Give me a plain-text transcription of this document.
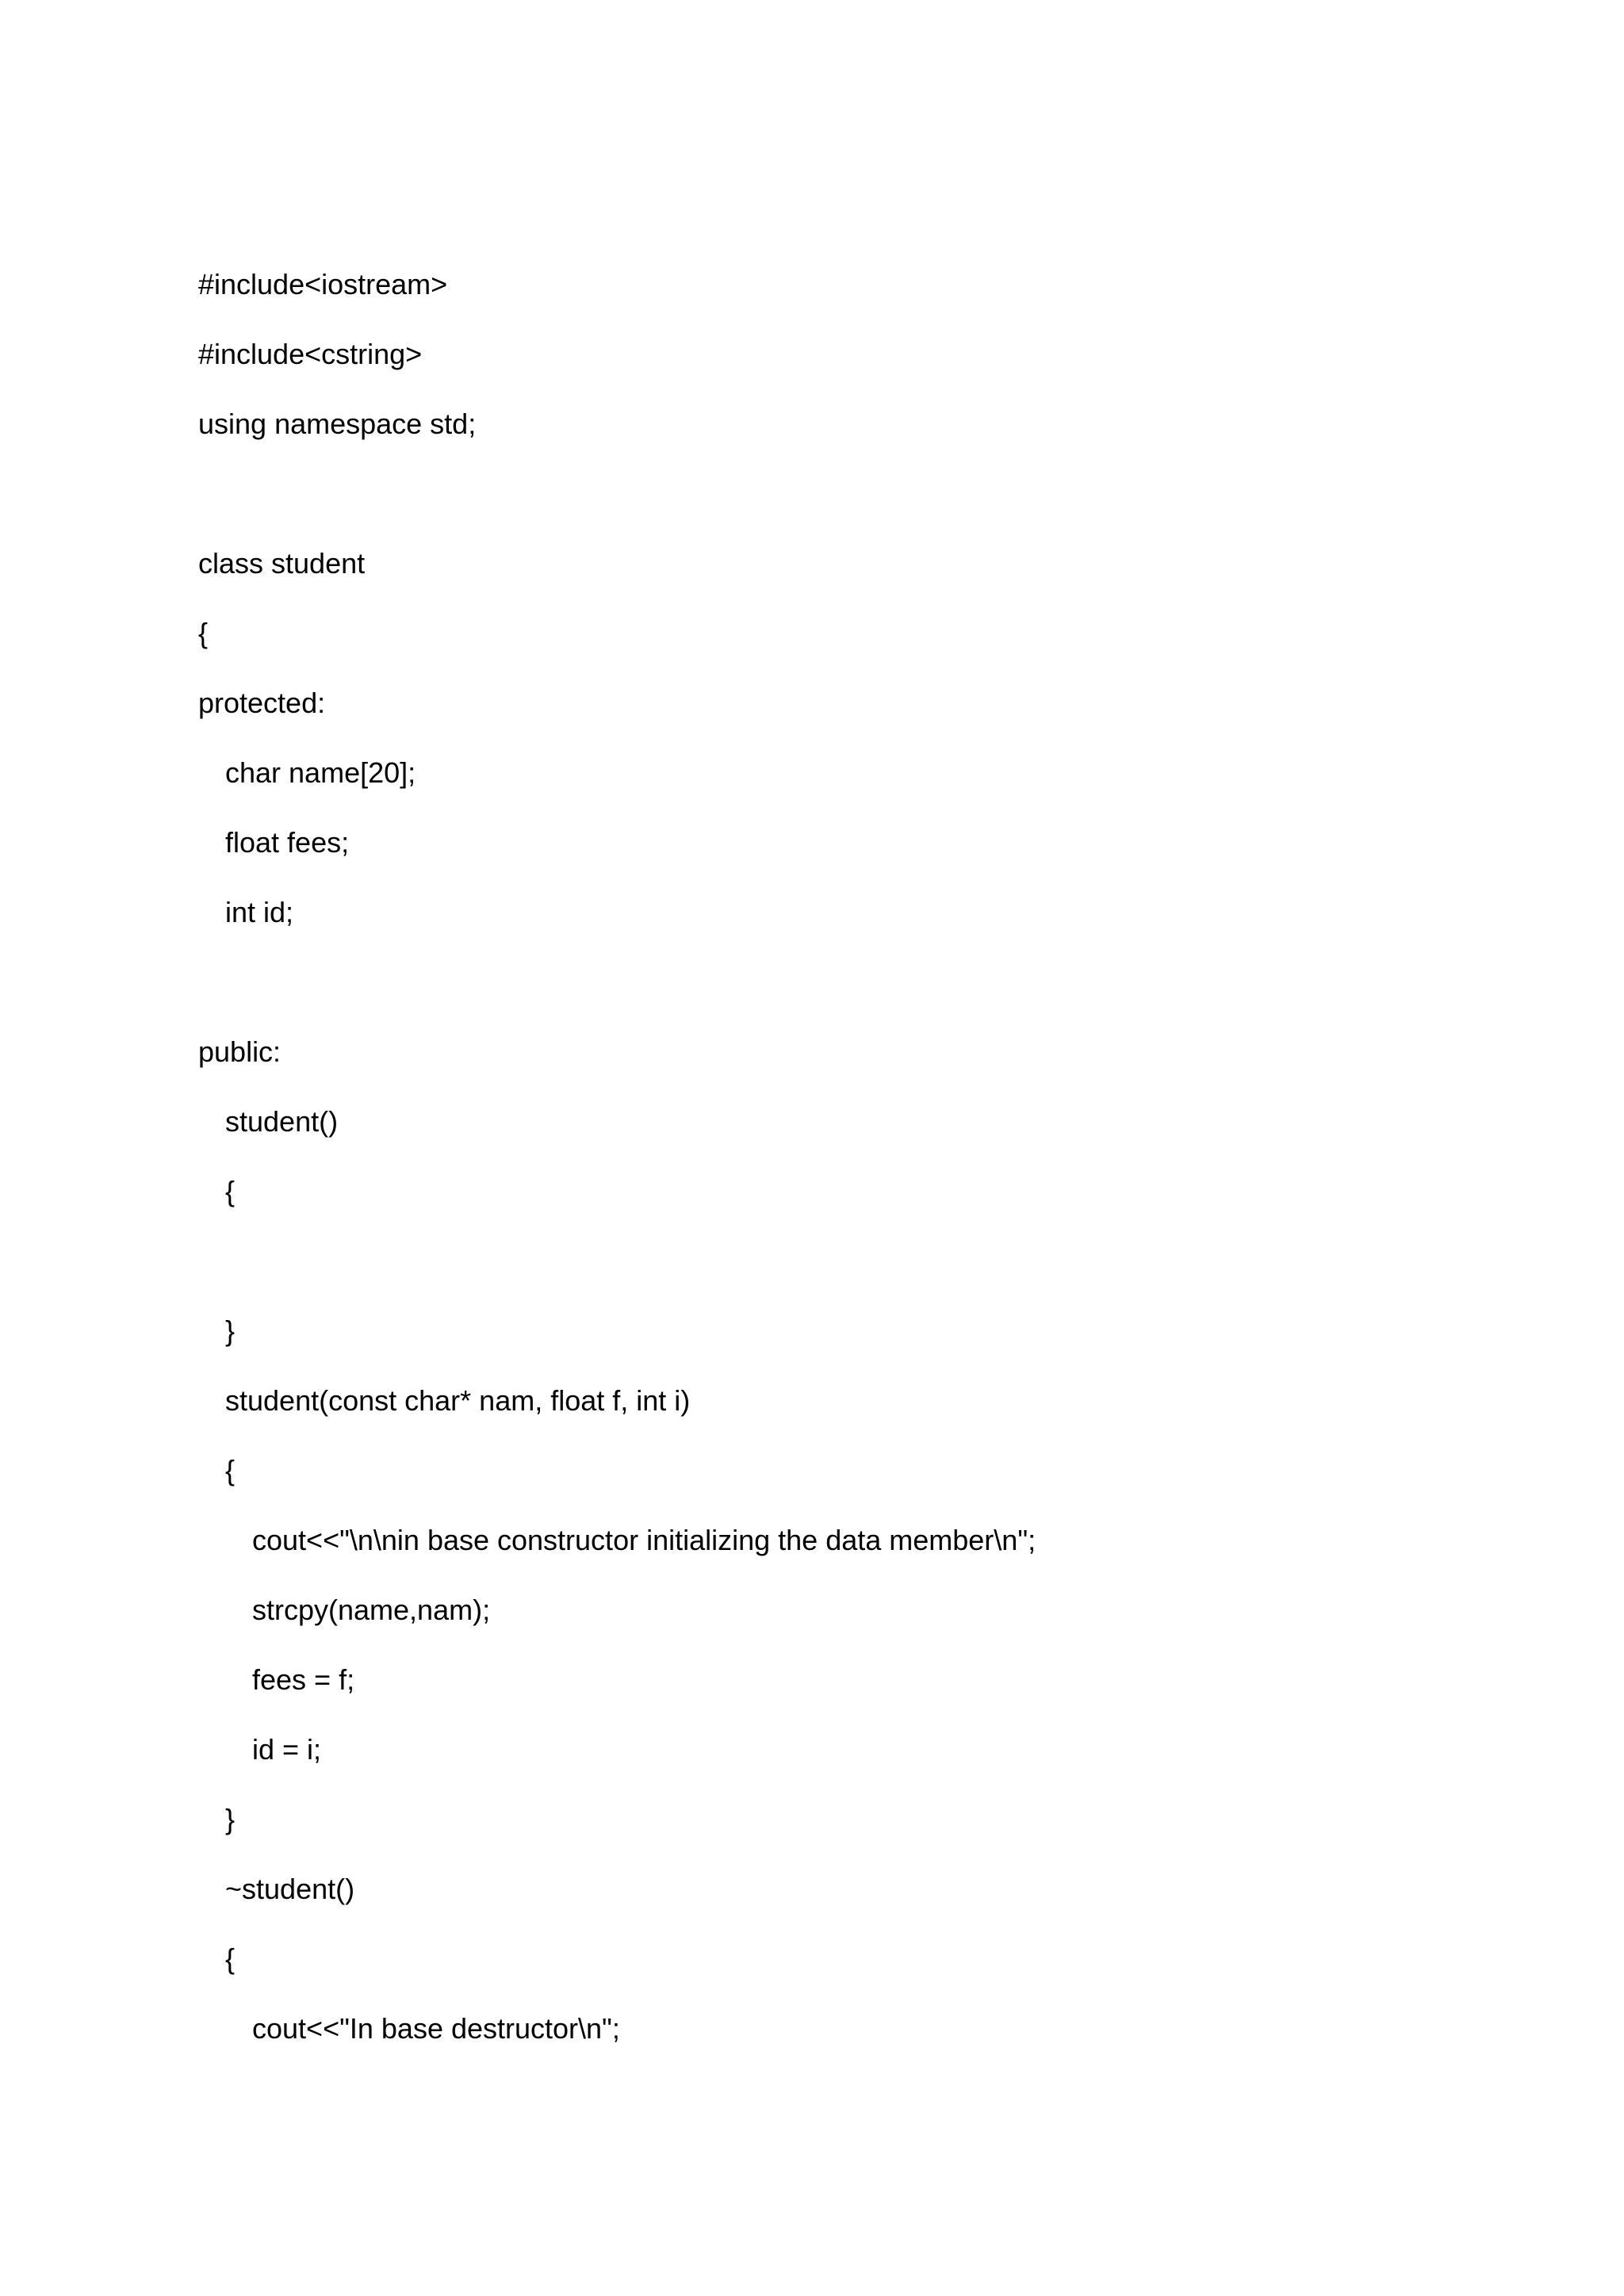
#include<iostream>
#include<cstring>
using namespace std;
class student
{
protected:
char name[20];
float fees;
int id;
public:
student()
{
}
student(const char* nam, float f, int i)
{
cout<<"\n\nin base constructor initializing the data member\n";
strcpy(name,nam);
fees = f;
id = i;
}
~student()
{
cout<<"In base destructor\n";
